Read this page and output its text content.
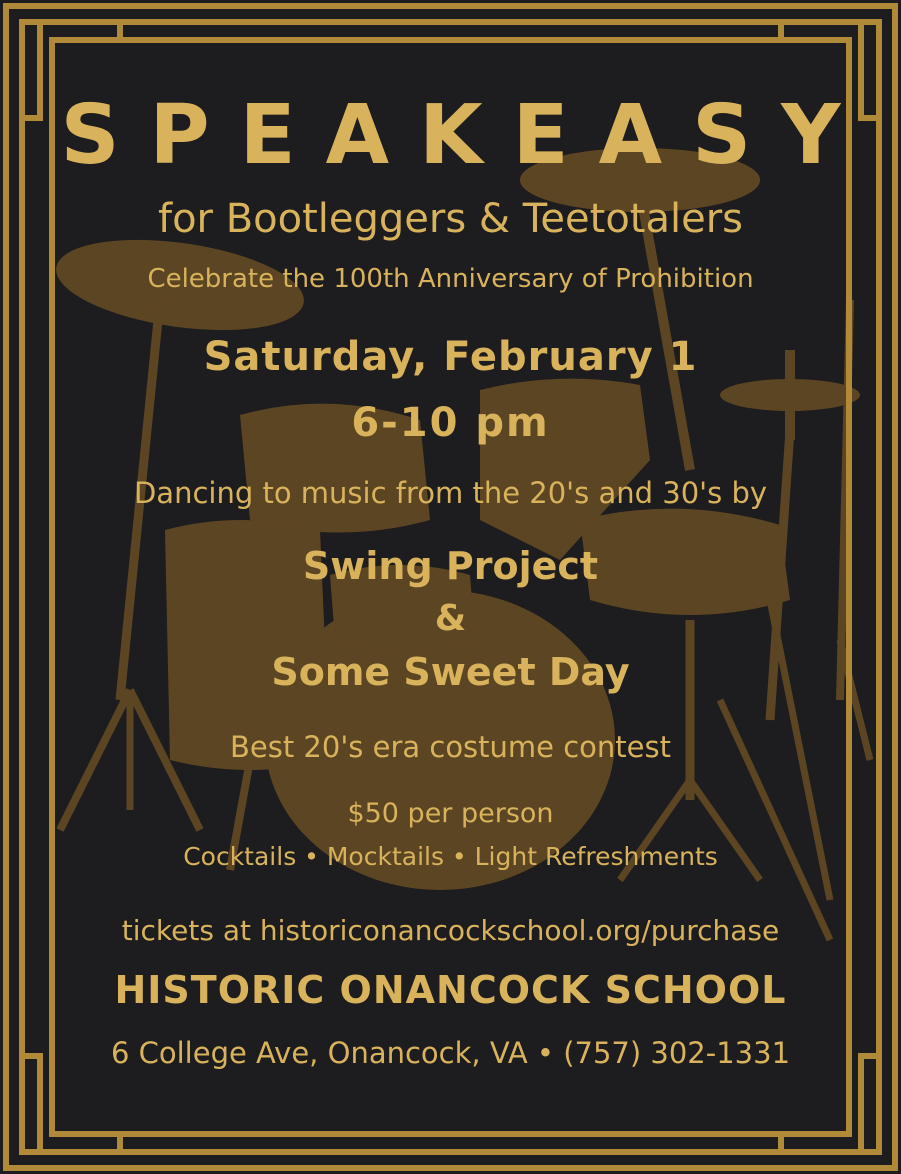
SPEAKEASY
for Bootleggers & Teetotalers
Celebrate the 100th Anniversary of Prohibition
Saturday, February 1
6-10 pm
Dancing to music from the 20's and 30's by
Swing Project
&
Some Sweet Day
Best 20's era costume contest
$50 per person
Cocktails • Mocktails • Light Refreshments
tickets at historiconancockschool.org/purchase
HISTORIC ONANCOCK SCHOOL
6 College Ave, Onancock, VA • (757) 302-1331
